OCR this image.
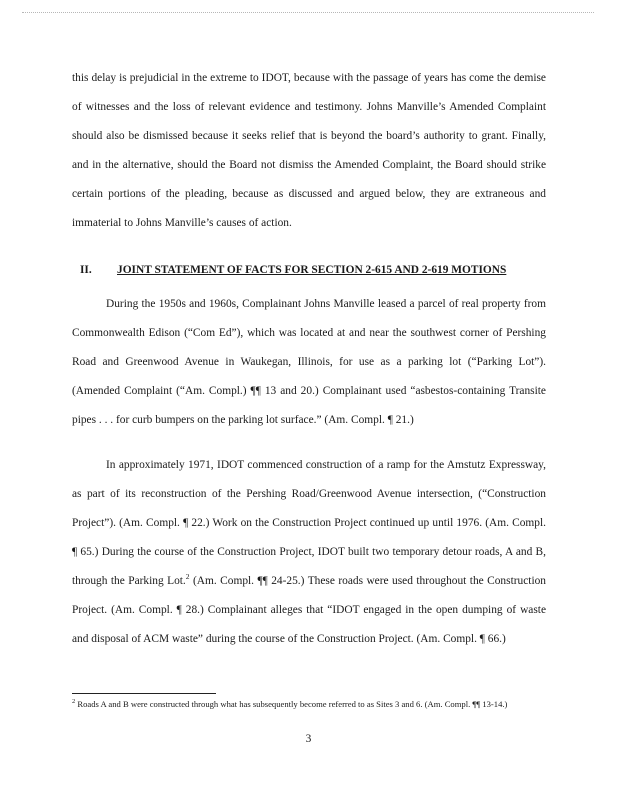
this delay is prejudicial in the extreme to IDOT, because with the passage of years has come the demise of witnesses and the loss of relevant evidence and testimony. Johns Manville’s Amended Complaint should also be dismissed because it seeks relief that is beyond the board’s authority to grant. Finally, and in the alternative, should the Board not dismiss the Amended Complaint, the Board should strike certain portions of the pleading, because as discussed and argued below, they are extraneous and immaterial to Johns Manville’s causes of action.

II. JOINT STATEMENT OF FACTS FOR SECTION 2-615 AND 2-619 MOTIONS

During the 1950s and 1960s, Complainant Johns Manville leased a parcel of real property from Commonwealth Edison (“Com Ed”), which was located at and near the southwest corner of Pershing Road and Greenwood Avenue in Waukegan, Illinois, for use as a parking lot (“Parking Lot”). (Amended Complaint (“Am. Compl.) ¶¶ 13 and 20.) Complainant used “asbestos-containing Transite pipes . . . for curb bumpers on the parking lot surface.” (Am. Compl. ¶ 21.)

In approximately 1971, IDOT commenced construction of a ramp for the Amstutz Expressway, as part of its reconstruction of the Pershing Road/Greenwood Avenue intersection, (“Construction Project”). (Am. Compl. ¶ 22.) Work on the Construction Project continued up until 1976. (Am. Compl. ¶ 65.) During the course of the Construction Project, IDOT built two temporary detour roads, A and B, through the Parking Lot.$^2$ (Am. Compl. ¶¶ 24-25.) These roads were used throughout the Construction Project. (Am. Compl. ¶ 28.) Complainant alleges that “IDOT engaged in the open dumping of waste and disposal of ACM waste” during the course of the Construction Project. (Am. Compl. ¶ 66.)

$^2$ Roads A and B were constructed through what has subsequently become referred to as Sites 3 and 6. (Am. Compl. ¶¶ 13-14.)

3
